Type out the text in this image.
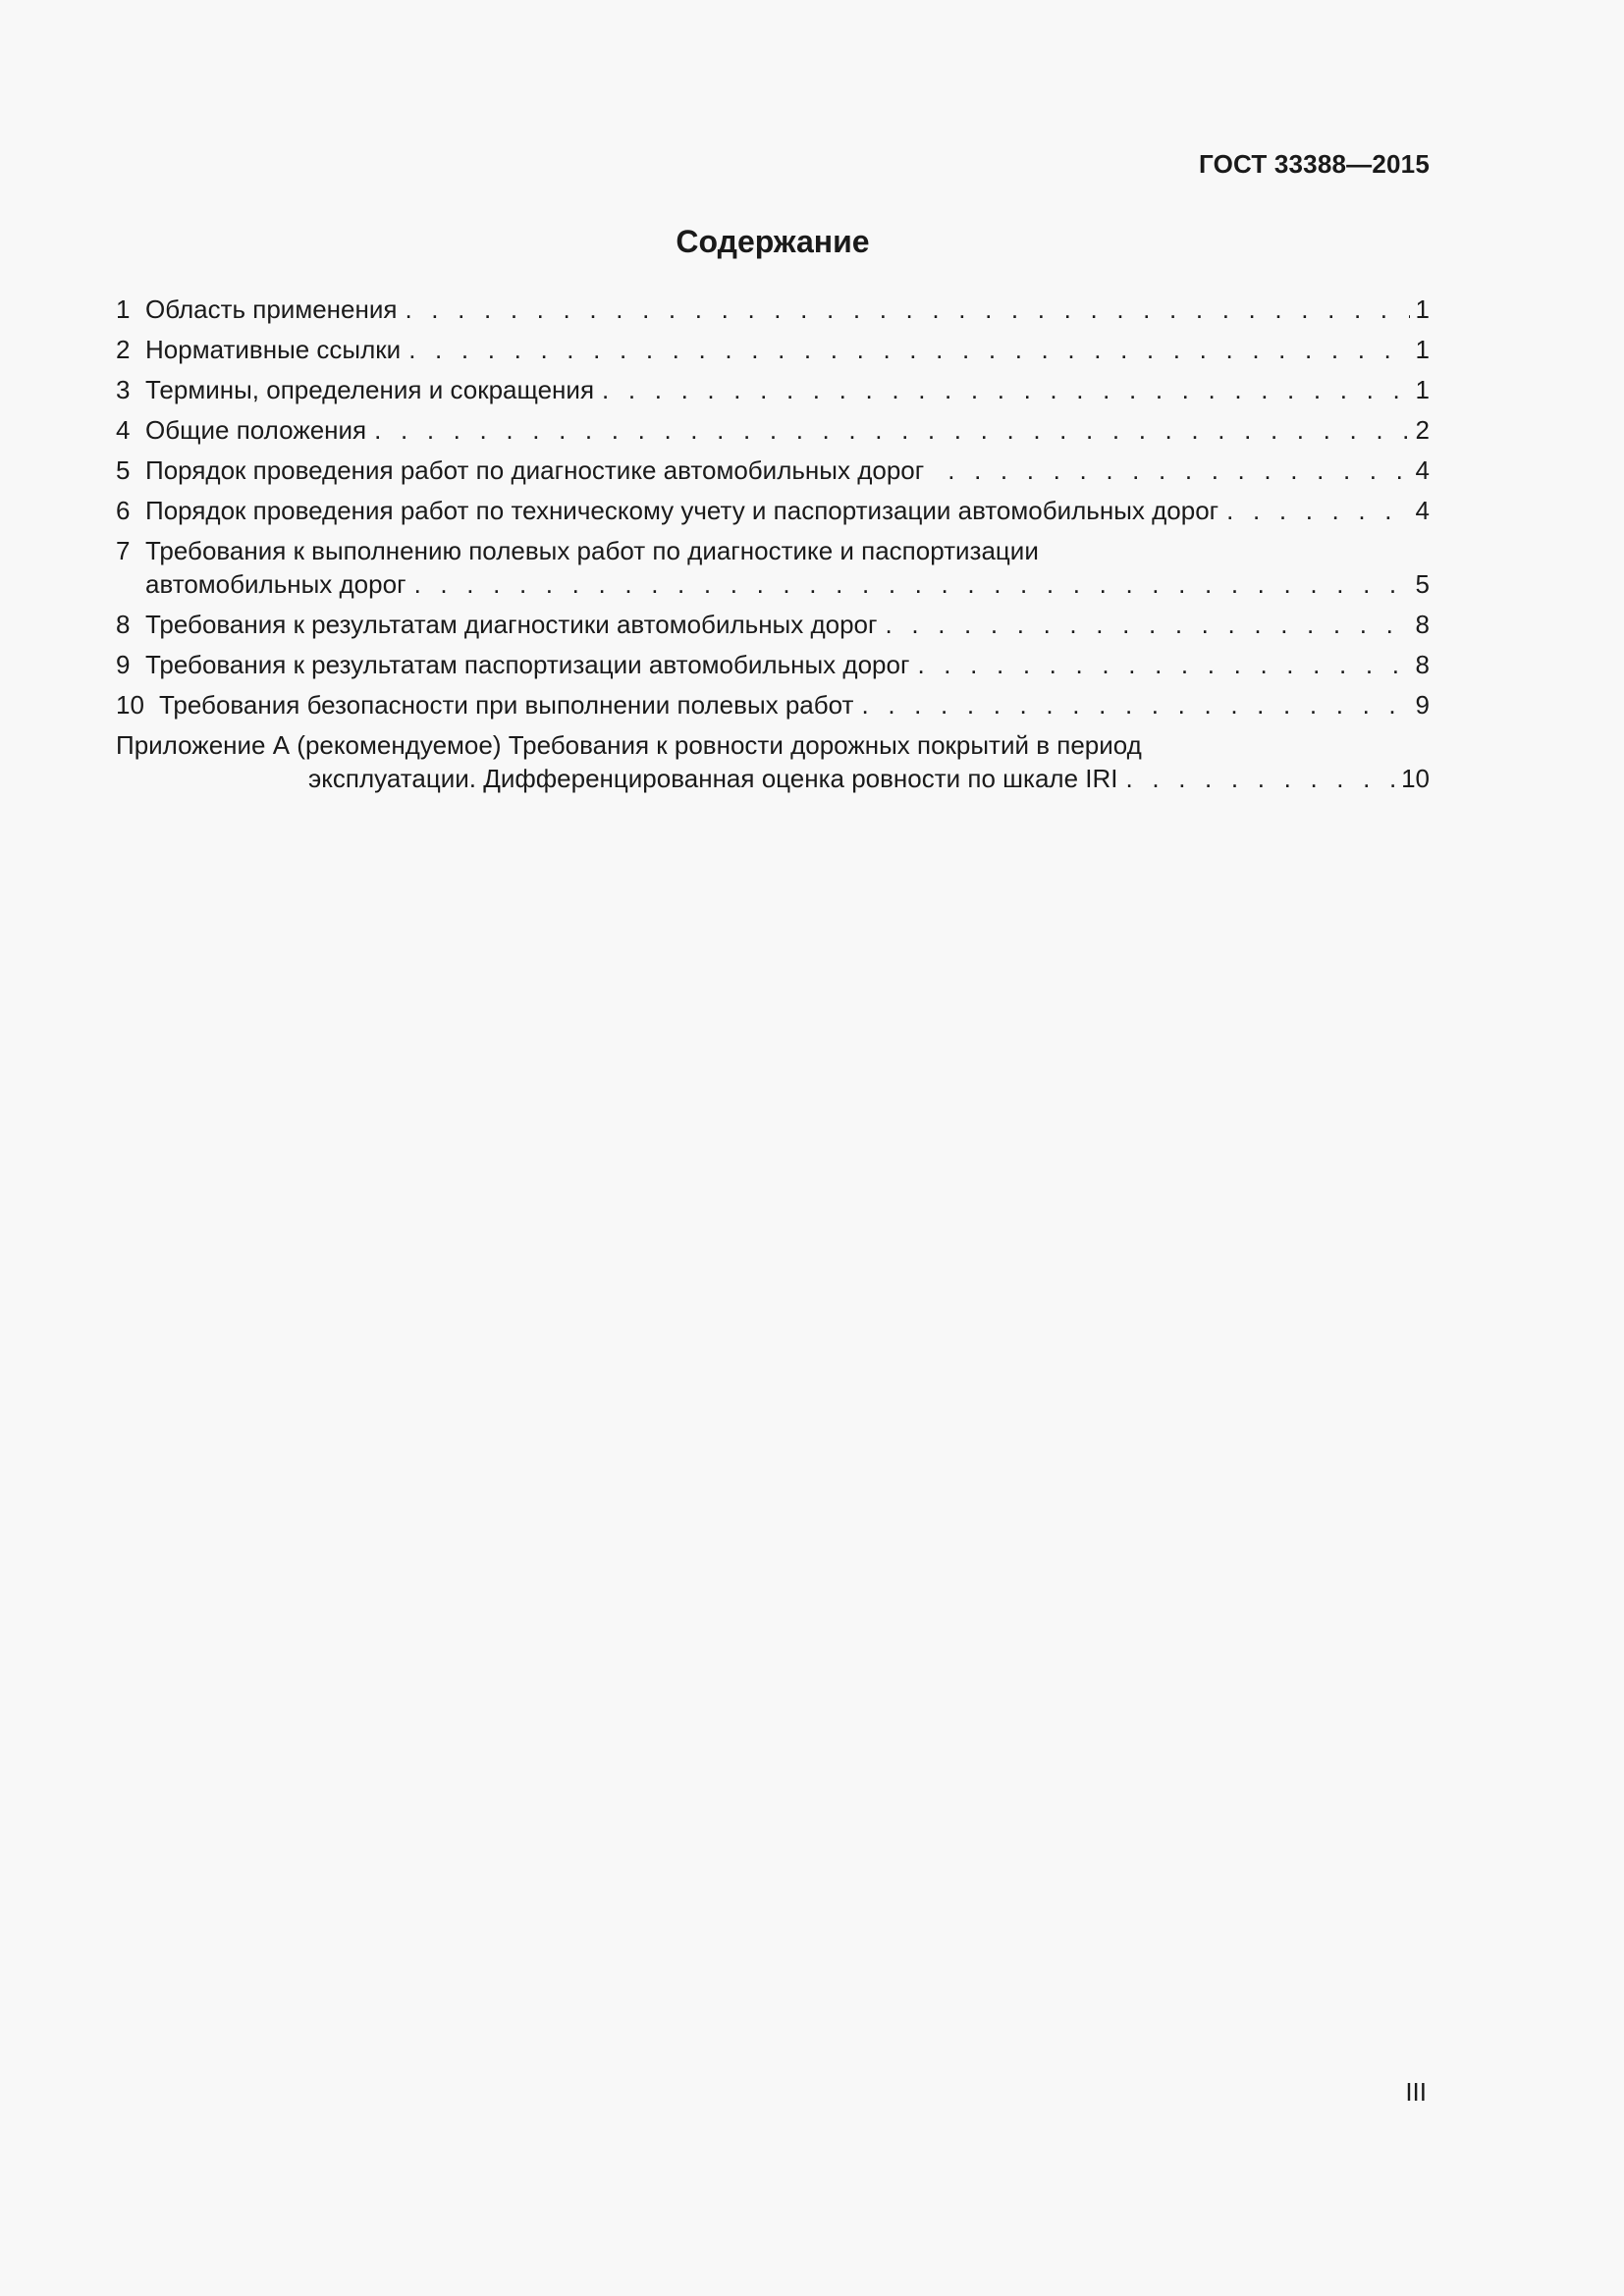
ГОСТ 33388—2015
Содержание
1 Область применения . . .	1
2 Нормативные ссылки . . .	1
3 Термины, определения и сокращения . . .	1
4 Общие положения . . .	2
5 Порядок проведения работ по диагностике автомобильных дорог . . .	4
6 Порядок проведения работ по техническому учету и паспортизации автомобильных дорог . . .	4
7 Требования к выполнению полевых работ по диагностике и паспортизации
автомобильных дорог . . .	5
8 Требования к результатам диагностики автомобильных дорог . . .	8
9 Требования к результатам паспортизации автомобильных дорог . . .	8
10 Требования безопасности при выполнении полевых работ . . .	9
Приложение А (рекомендуемое) Требования к ровности дорожных покрытий в период
эксплуатации. Дифференцированная оценка ровности по шкале IRI . . .	10
III
